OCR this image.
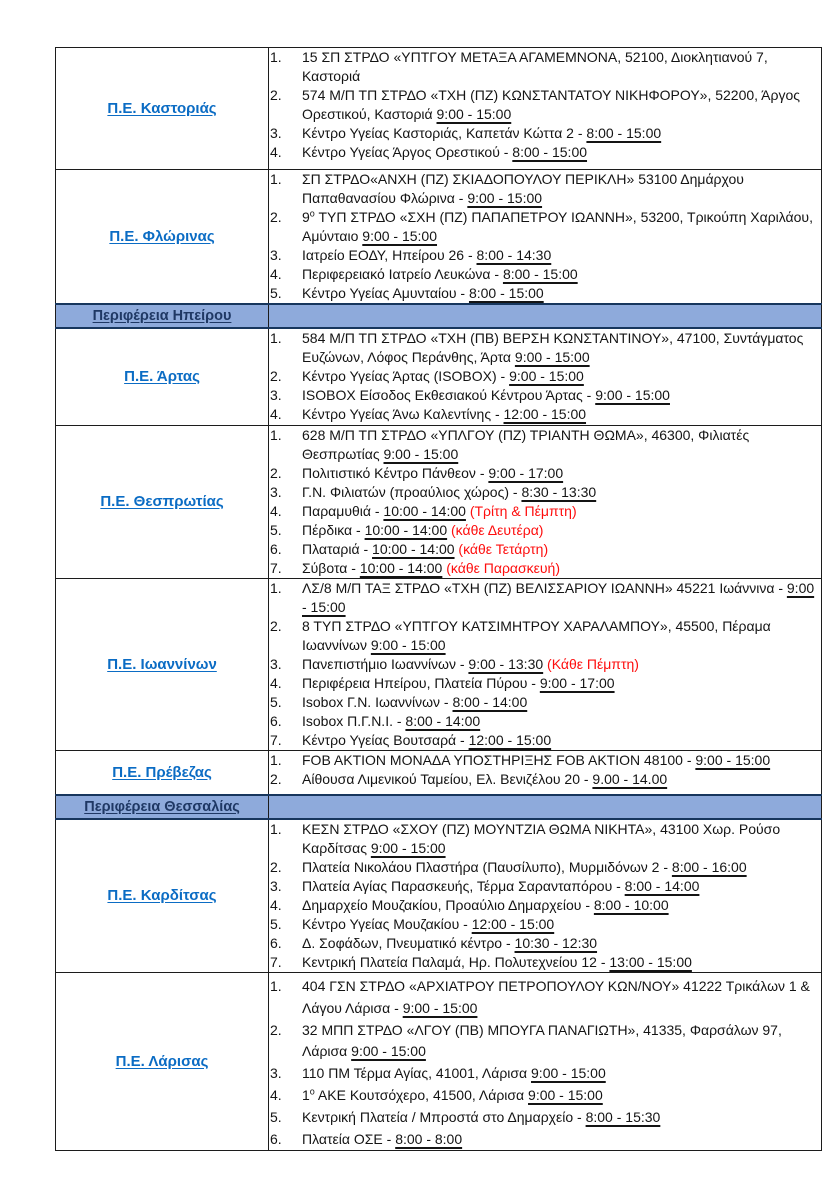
Π.Ε. Καστοριάς	
15 ΣΠ ΣΤΡΔΟ «ΥΠΤΓΟΥ ΜΕΤΑΞΑ ΑΓΑΜΕΜΝΟΝΑ, 52100, Διοκλητιανού 7, Καστοριά
574 Μ/Π ΤΠ ΣΤΡΔΟ «ΤΧΗ (ΠΖ) ΚΩΝΣΤΑΝΤΑΤΟΥ ΝΙΚΗΦΟΡΟΥ», 52200, Άργος Ορεστικού, Καστοριά 9:00 - 15:00
Κέντρο Υγείας Καστοριάς, Καπετάν Κώττα 2 - 8:00 - 15:00
Κέντρο Υγείας Άργος Ορεστικού - 8:00 - 15:00

Π.Ε. Φλώρινας	
ΣΠ ΣΤΡΔΟ«ΑΝΧΗ (ΠΖ) ΣΚΙΑΔΟΠΟΥΛΟΥ ΠΕΡΙΚΛΗ» 53100 Δημάρχου Παπαθανασίου Φλώρινα - 9:00 - 15:00
$9^o$ ΤΥΠ ΣΤΡΔΟ «ΣΧΗ (ΠΖ) ΠΑΠΑΠΕΤΡΟΥ ΙΩΑΝΝΗ», 53200, Τρικούπη Χαριλάου, Αμύνταιο 9:00 - 15:00
Ιατρείο ΕΟΔΥ, Ηπείρου 26 - 8:00 - 14:30
Περιφερειακό Ιατρείο Λευκώνα - 8:00 - 15:00
Κέντρο Υγείας Αμυνταίου - 8:00 - 15:00

Περιφέρεια Ηπείρου	

Π.Ε. Άρτας	
584 Μ/Π ΤΠ ΣΤΡΔΟ «ΤΧΗ (ΠΒ) ΒΕΡΣΗ ΚΩΝΣΤΑΝΤΙΝΟΥ», 47100, Συντάγματος Ευζώνων, Λόφος Περάνθης, Άρτα 9:00 - 15:00
Κέντρο Υγείας Άρτας (ISOBOX) - 9:00 - 15:00
ISOBOX Είσοδος Εκθεσιακού Κέντρου Άρτας - 9:00 - 15:00
Κέντρο Υγείας Άνω Καλεντίνης - 12:00 - 15:00

Π.Ε. Θεσπρωτίας	
628 Μ/Π ΤΠ ΣΤΡΔΟ «ΥΠΛΓΟΥ (ΠΖ) ΤΡΙΑΝΤΗ ΘΩΜΑ», 46300, Φιλιατές Θεσπρωτίας 9:00 - 15:00
Πολιτιστικό Κέντρο Πάνθεον - 9:00 - 17:00
Γ.Ν. Φιλιατών (προαύλιος χώρος) - 8:30 - 13:30
Παραμυθιά - 10:00 - 14:00 (Τρίτη & Πέμπτη)
Πέρδικα - 10:00 - 14:00 (κάθε Δευτέρα)
Πλαταριά - 10:00 - 14:00 (κάθε Τετάρτη)
Σύβοτα - 10:00 - 14:00 (κάθε Παρασκευή)

Π.Ε. Ιωαννίνων	
ΛΣ/8 Μ/Π ΤΑΞ ΣΤΡΔΟ «ΤΧΗ (ΠΖ) ΒΕΛΙΣΣΑΡΙΟΥ ΙΩΑΝΝΗ» 45221 Ιωάννινα - 9:00 - 15:00
8 ΤΥΠ ΣΤΡΔΟ «ΥΠΤΓΟΥ ΚΑΤΣΙΜΗΤΡΟΥ ΧΑΡΑΛΑΜΠΟΥ», 45500, Πέραμα Ιωαννίνων 9:00 - 15:00
Πανεπιστήμιο Ιωαννίνων - 9:00 - 13:30 (Κάθε Πέμπτη)
Περιφέρεια Ηπείρου, Πλατεία Πύρου - 9:00 - 17:00
Isobox Γ.Ν. Ιωαννίνων - 8:00 - 14:00
Isobox Π.Γ.Ν.Ι. - 8:00 - 14:00
Κέντρο Υγείας Βουτσαρά - 12:00 - 15:00

Π.Ε. Πρέβεζας	
FOB AKTION ΜΟΝΑΔΑ ΥΠΟΣΤΗΡΙΞΗΣ FOB AKTION 48100 - 9:00 - 15:00
Αίθουσα Λιμενικού Ταμείου, Ελ. Βενιζέλου 20 - 9.00 - 14.00

Περιφέρεια Θεσσαλίας	

Π.Ε. Καρδίτσας	
ΚΕΣΝ ΣΤΡΔΟ «ΣΧΟΥ (ΠΖ) ΜΟΥΝΤΖΙΑ ΘΩΜΑ ΝΙΚΗΤΑ», 43100 Χωρ. Ρούσο Καρδίτσας 9:00 - 15:00
Πλατεία Νικολάου Πλαστήρα (Παυσίλυπο), Μυρμιδόνων 2 - 8:00 - 16:00
Πλατεία Αγίας Παρασκευής, Τέρμα Σαρανταπόρου - 8:00 - 14:00
Δημαρχείο Μουζακίου, Προαύλιο Δημαρχείου - 8:00 - 10:00
Κέντρο Υγείας Μουζακίου - 12:00 - 15:00
Δ. Σοφάδων, Πνευματικό κέντρο - 10:30 - 12:30
Κεντρική Πλατεία Παλαμά, Ηρ. Πολυτεχνείου 12 - 13:00 - 15:00

Π.Ε. Λάρισας	
404 ΓΣΝ ΣΤΡΔΟ «ΑΡΧΙΑΤΡΟΥ ΠΕΤΡΟΠΟΥΛΟΥ ΚΩΝ/ΝΟΥ» 41222 Τρικάλων 1 & Λάγου Λάρισα - 9:00 - 15:00
32 ΜΠΠ ΣΤΡΔΟ «ΛΓΟΥ (ΠΒ) ΜΠΟΥΓΑ ΠΑΝΑΓΙΩΤΗ», 41335, Φαρσάλων 97, Λάρισα 9:00 - 15:00
110 ΠΜ Τέρμα Αγίας, 41001, Λάρισα 9:00 - 15:00
$1^o$ ΑΚΕ Κουτσόχερο, 41500, Λάρισα 9:00 - 15:00
Κεντρική Πλατεία / Μπροστά στο Δημαρχείο - 8:00 - 15:30
Πλατεία ΟΣΕ - 8:00 - 8:00
